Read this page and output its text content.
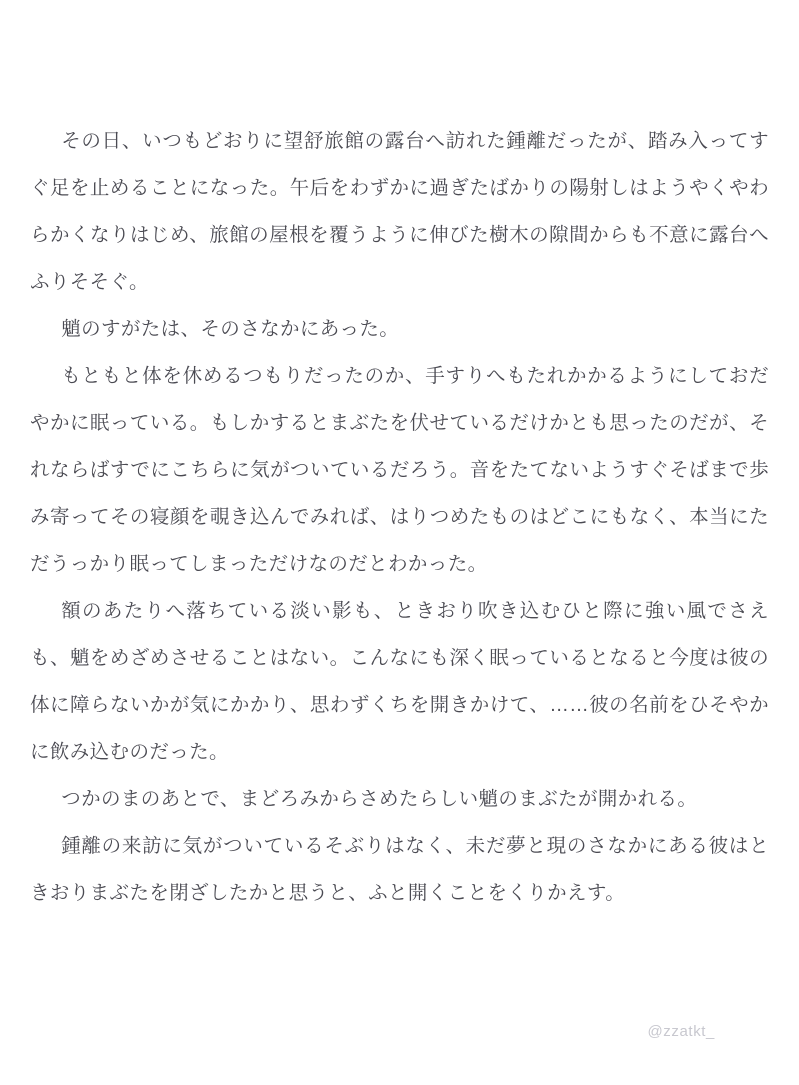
その日、いつもどおりに望舒旅館の露台へ訪れた鍾離だったが、踏み入ってすぐ足を止めることになった。午后をわずかに過ぎたばかりの陽射しはようやくやわらかくなりはじめ、旅館の屋根を覆うように伸びた樹木の隙間からも不意に露台へふりそそぐ。

魈のすがたは、そのさなかにあった。

もともと体を休めるつもりだったのか、手すりへもたれかかるようにしておだやかに眠っている。もしかするとまぶたを伏せているだけかとも思ったのだが、それならばすでにこちらに気がついているだろう。音をたてないようすぐそばまで歩み寄ってその寝顔を覗き込んでみれば、はりつめたものはどこにもなく、本当にただうっかり眠ってしまっただけなのだとわかった。

額のあたりへ落ちている淡い影も、ときおり吹き込むひと際に強い風でさえも、魈をめざめさせることはない。こんなにも深く眠っているとなると今度は彼の体に障らないかが気にかかり、思わずくちを開きかけて、……彼の名前をひそやかに飲み込むのだった。

つかのまのあとで、まどろみからさめたらしい魈のまぶたが開かれる。

鍾離の来訪に気がついているそぶりはなく、未だ夢と現のさなかにある彼はときおりまぶたを閉ざしたかと思うと、ふと開くことをくりかえす。

@zzatkt_
